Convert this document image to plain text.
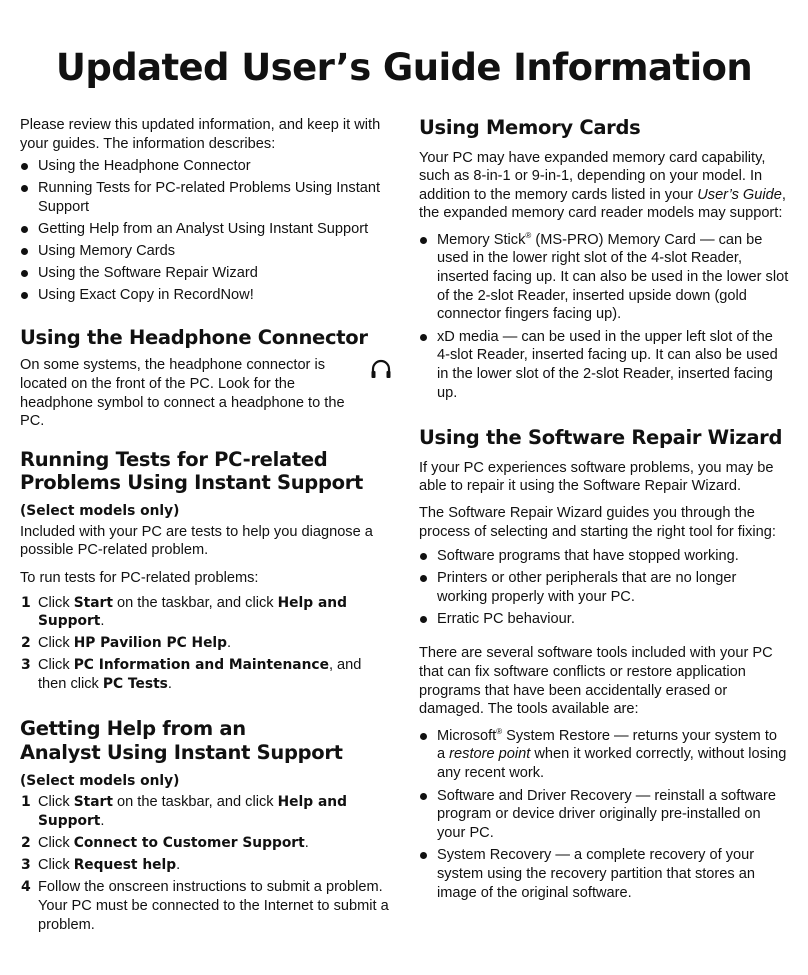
Updated User’s Guide Information

Please review this updated information, and keep it with your guides. The information describes:

Using the Headphone Connector
Running Tests for PC-related Problems Using Instant Support
Getting Help from an Analyst Using Instant Support
Using Memory Cards
Using the Software Repair Wizard
Using Exact Copy in RecordNow!
Using the Headphone Connector

On some systems, the headphone connector is located on the front of the PC. Look for the headphone symbol to connect a headphone to the PC.

Running Tests for PC-related
Problems Using Instant Support
(Select models only)

Included with your PC are tests to help you diagnose a possible PC-related problem.

To run tests for PC-related problems:

1 Click Start on the taskbar, and click Help and Support.
2 Click HP Pavilion PC Help.
3 Click PC Information and Maintenance, and then click PC Tests.
Getting Help from an
Analyst Using Instant Support
(Select models only)
1 Click Start on the taskbar, and click Help and Support.
2 Click Connect to Customer Support.
3 Click Request help.
4 Follow the onscreen instructions to submit a problem. Your PC must be connected to the Internet to submit a problem.
Using Memory Cards

Your PC may have expanded memory card capability, such as 8-in-1 or 9-in-1, depending on your model. In addition to the memory cards listed in your User’s Guide, the expanded memory card reader models may support:

Memory Stick® (MS-PRO) Memory Card — can be used in the lower right slot of the 4-slot Reader, inserted facing up. It can also be used in the lower slot of the 2-slot Reader, inserted upside down (gold connector fingers facing up).
xD media — can be used in the upper left slot of the 4-slot Reader, inserted facing up. It can also be used in the lower slot of the 2-slot Reader, inserted facing up.
Using the Software Repair Wizard

If your PC experiences software problems, you may be able to repair it using the Software Repair Wizard.

The Software Repair Wizard guides you through the process of selecting and starting the right tool for fixing:

Software programs that have stopped working.
Printers or other peripherals that are no longer working properly with your PC.
Erratic PC behaviour.

There are several software tools included with your PC that can fix software conflicts or restore application programs that have been accidentally erased or damaged. The tools available are:

Microsoft® System Restore — returns your system to a restore point when it worked correctly, without losing any recent work.
Software and Driver Recovery — reinstall a software program or device driver originally pre-installed on your PC.
System Recovery — a complete recovery of your system using the recovery partition that stores an image of the original software.
